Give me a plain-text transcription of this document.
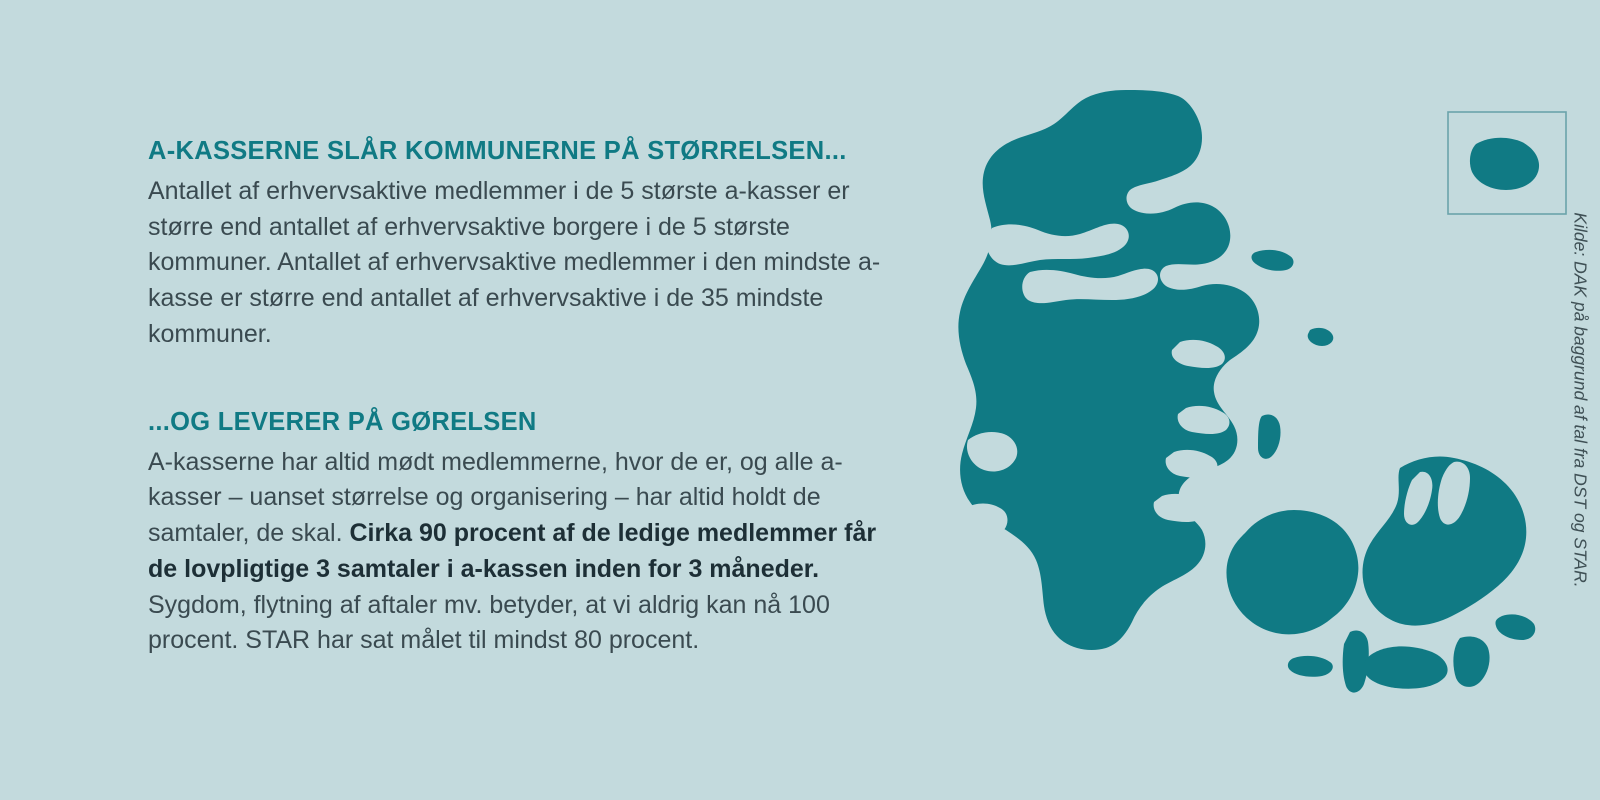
A-KASSERNE SLÅR KOMMUNERNE PÅ STØRRELSEN...

Antallet af erhvervsaktive medlemmer i de 5 største a-kasser er større end antallet af erhvervsaktive borgere i de 5 største kommuner. Antallet af erhvervsaktive medlemmer i den mindste a-kasse er større end antallet af erhvervsaktive i de 35 mindste kommuner.

...OG LEVERER PÅ GØRELSEN

A-kasserne har altid mødt medlemmerne, hvor de er, og alle a-kasser – uanset størrelse og organisering – har altid holdt de samtaler, de skal. Cirka 90 procent af de ledige medlemmer får de lovpligtige 3 samtaler i a-kassen inden for 3 måneder. Sygdom, flytning af aftaler mv. betyder, at vi aldrig kan nå 100 procent. STAR har sat målet til mindst 80 procent.

Kilde: DAK på baggrund af tal fra DST og STAR.
